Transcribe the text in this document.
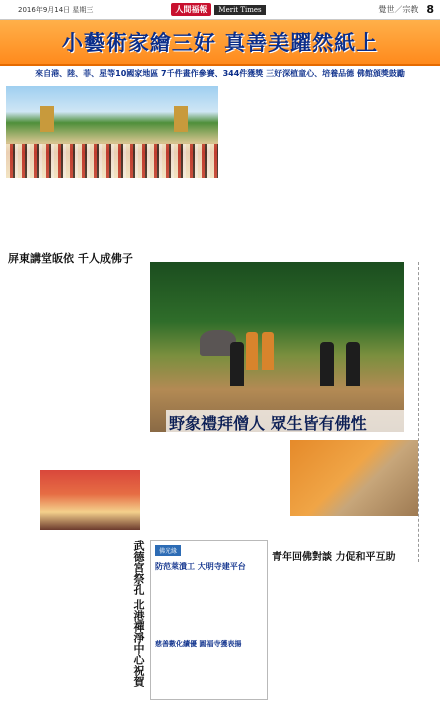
2016年9月14日 星期三	人間福報	Merit Times	覺世／宗教 8
小藝術家繪三好 真善美躍然紙上
來自港、陸、菲、星等10國家地區 7千件畫作參賽、344件獲獎 三好深植童心、培養品德 佛館頒獎鼓勵

屏東講堂皈依 千人成佛子
武德宮祭孔 北港禪淨中心祝賀
野象禮拜僧人 眾生皆有佛性
青年回佛對談 力促和平互助
佛光緣
防范萊潰工 大明寺建平台
慈善數化續優 圓福寺獲表揚
